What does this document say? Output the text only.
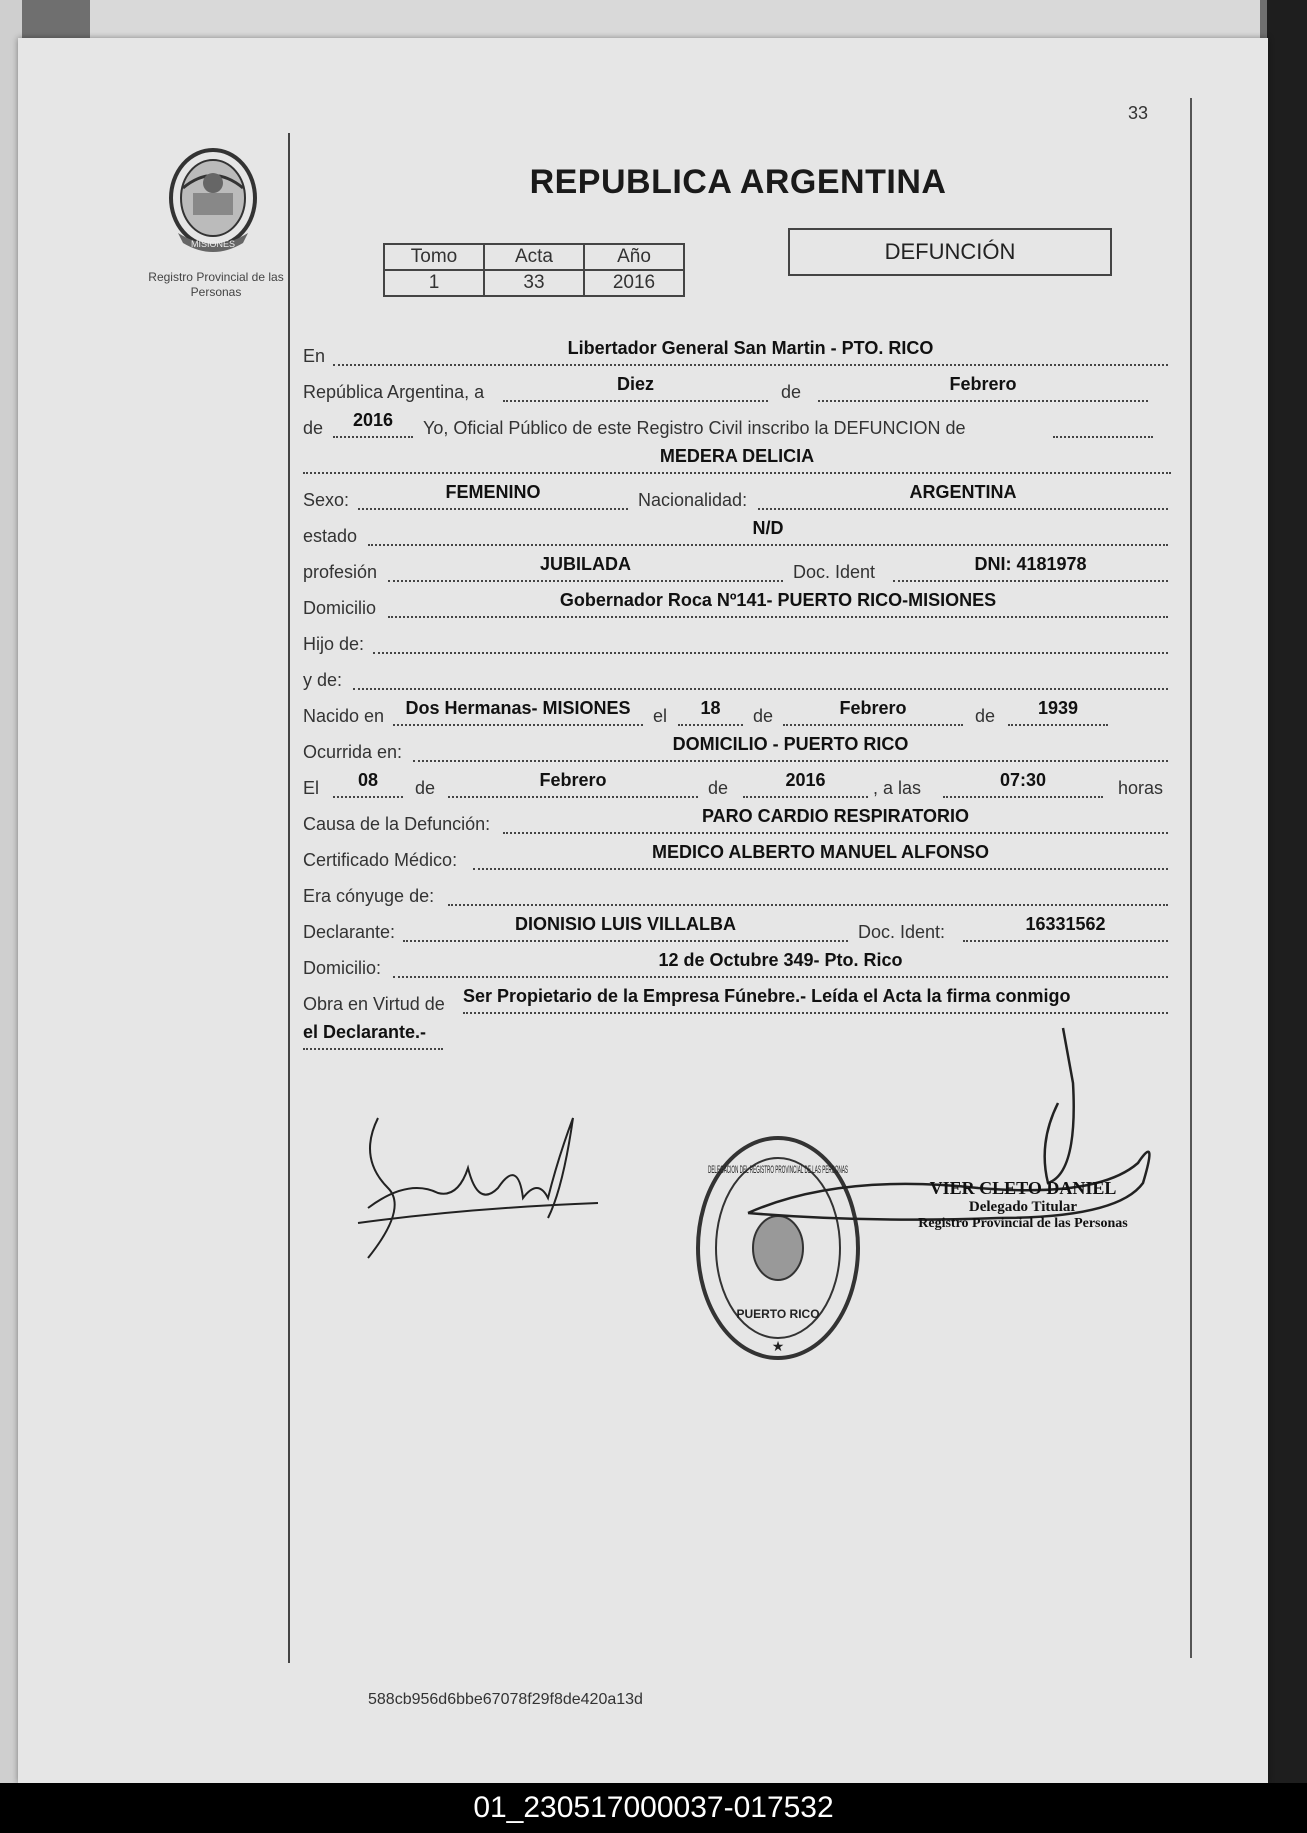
33
MISIONES
Registro Provincial de las Personas
REPUBLICA ARGENTINA
Tomo	Acta	Año
1	33	2016
DEFUNCIÓN
En	Libertador General San Martin - PTO. RICO
República Argentina, a	Diez	de	Febrero
de	2016	Yo, Oficial Público de este Registro Civil inscribo la DEFUNCION de
MEDERA DELICIA
Sexo:	FEMENINO	Nacionalidad:	ARGENTINA
estado	N/D
profesión	JUBILADA	Doc. Ident	DNI: 4181978
Domicilio	Gobernador Roca Nº141- PUERTO RICO-MISIONES
Hijo de:
y de:
Nacido en	Dos Hermanas- MISIONES	el	18	de	Febrero	de	1939
Ocurrida en:	DOMICILIO - PUERTO RICO
El	08	de	Febrero	de	2016	, a las	07:30	horas
Causa de la Defunción:	PARO CARDIO RESPIRATORIO
Certificado Médico:	MEDICO ALBERTO MANUEL ALFONSO
Era cónyuge de:
Declarante:	DIONISIO LUIS VILLALBA	Doc. Ident:	16331562
Domicilio:	12 de Octubre 349- Pto. Rico
Obra en Virtud de Ser Propietario de la Empresa Fúnebre.- Leída el Acta la firma conmigo
el Declarante.-
DELEGACION DEL REGISTRO PROVINCIAL DE LAS PERSONAS
PUERTO RICO
★
VIER CLETO DANIEL
Delegado Titular
Registro Provincial de las Personas
588cb956d6bbe67078f29f8de420a13d
01_230517000037-017532
